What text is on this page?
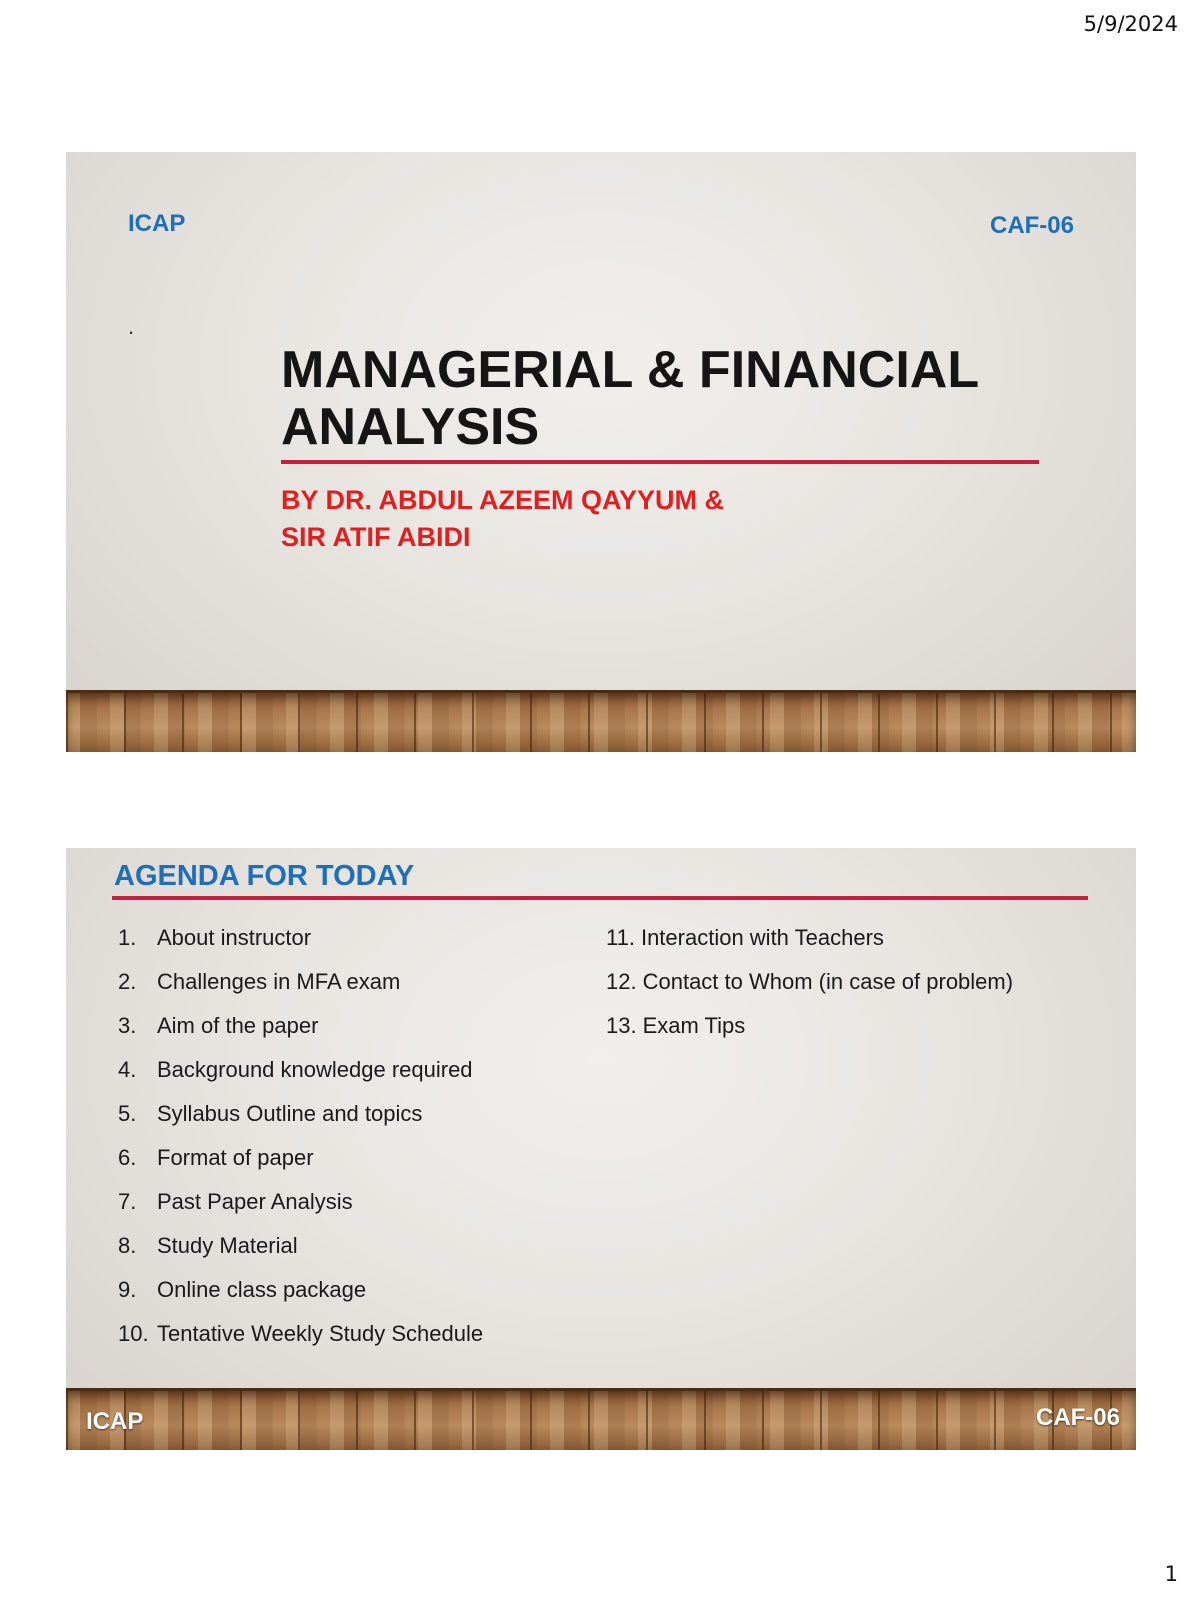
5/9/2024
ICAP	CAF-06
.
MANAGERIAL & FINANCIAL ANALYSIS

BY DR. ABDUL AZEEM QAYYUM &
SIR ATIF ABIDI

AGENDA FOR TODAY
1. About instructor
2. Challenges in MFA exam
3. Aim of the paper
4. Background knowledge required
5. Syllabus Outline and topics
6. Format of paper
7. Past Paper Analysis
8. Study Material
9. Online class package
10. Tentative Weekly Study Schedule
11. Interaction with Teachers
12. Contact to Whom (in case of problem)
13. Exam Tips
ICAP	CAF-06
1
